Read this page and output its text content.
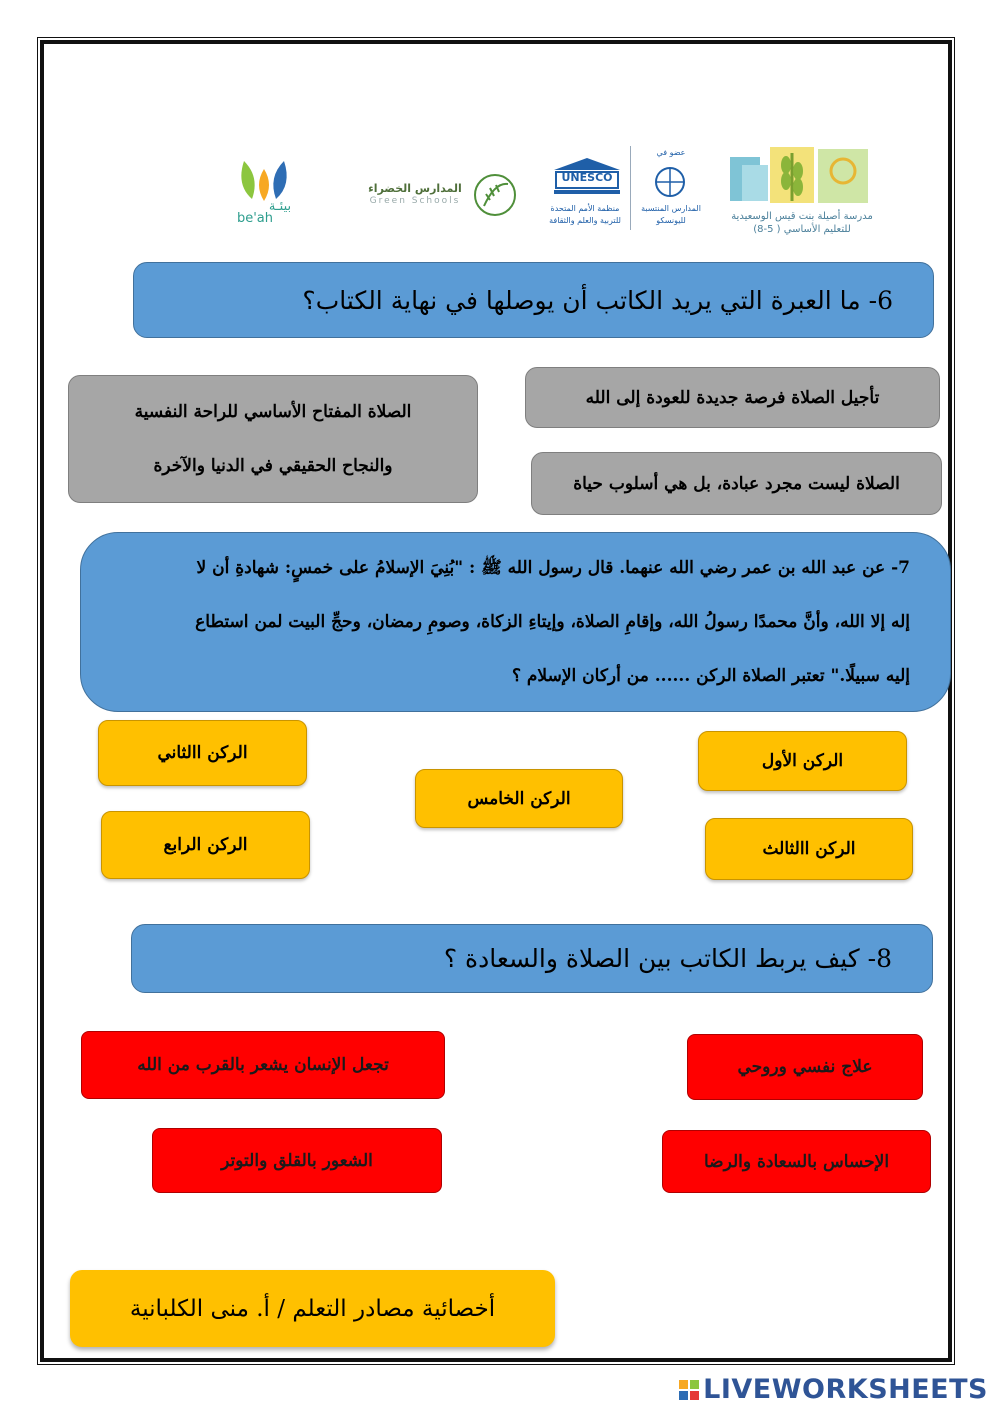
مدرسة أصيلة بنت قيس الوسعيدية
للتعليم الأساسي ( 5-8)
UNESCO
منظمة الأمم المتحدة
للتربية والعلم والثقافة
عضو في
المدارس المنتسبة
لليونسكو
المدارس الخضراء
Green Schools
بيئـة
be'ah
6- ما العبرة التي يريد الكاتب أن يوصلها في نهاية الكتاب؟
تأجيل الصلاة فرصة جديدة للعودة إلى الله
الصلاة ليست مجرد عبادة، بل هي أسلوب حياة
الصلاة المفتاح الأساسي للراحة النفسية
والنجاح الحقيقي في الدنيا والآخرة
7- عن عبد الله بن عمر رضي الله عنهما. قال رسول الله ﷺ : "بُنِيَ الإسلامُ على خمسٍ: شهادةِ أن لا
إله إلا الله، وأنَّ محمدًا رسولُ الله، وإقامِ الصلاة، وإيتاءِ الزكاة، وصومِ رمضان، وحجِّ البيت لمن استطاع
إليه سبيلًا." تعتبر الصلاة الركن ...... من أركان الإسلام ؟
الركن الأول
الركن االثاني
الركن الخامس
الركن االثالث
الركن الرابع
8- كيف يربط الكاتب بين الصلاة والسعادة ؟
علاج نفسي وروحي
تجعل الإنسان يشعر بالقرب من الله
الإحساس بالسعادة والرضا
الشعور بالقلق والتوتر
أخصائية مصادر التعلم / أ. منى الكلبانية
LIVEWORKSHEETS
